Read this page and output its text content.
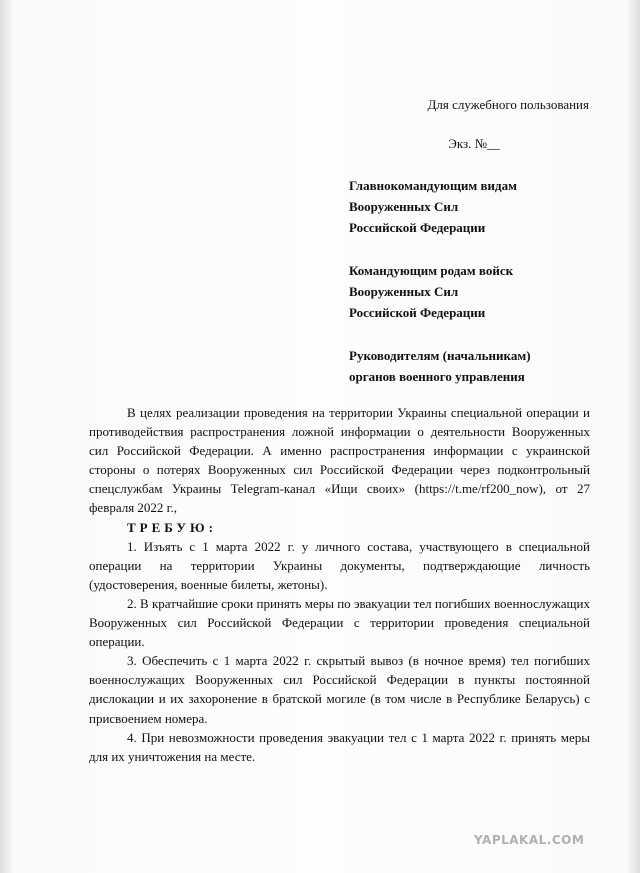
Для служебного пользования
Экз. №__
Главнокомандующим видам
Вооруженных Сил
Российской Федерации
Командующим родам войск
Вооруженных Сил
Российской Федерации
Руководителям (начальникам)
органов военного управления

В целях реализации проведения на территории Украины специальной операции и противодействия распространения ложной информации о деятельности Вооруженных сил Российской Федерации. А именно распространения информации с украинской стороны о потерях Вооруженных сил Российской Федерации через подконтрольный спецслужбам Украины Telegram-канал «Ищи своих» (https://t.me/rf200_now), от 27 февраля 2022 г.,

ТРЕБУЮ:

1. Изъять с 1 марта 2022 г. у личного состава, участвующего в специальной операции на территории Украины документы, подтверждающие личность (удостоверения, военные билеты, жетоны).

2. В кратчайшие сроки принять меры по эвакуации тел погибших военнослужащих Вооруженных сил Российской Федерации с территории проведения специальной операции.

3. Обеспечить с 1 марта 2022 г. скрытый вывоз (в ночное время) тел погибших военнослужащих Вооруженных сил Российской Федерации в пункты постоянной дислокации и их захоронение в братской могиле (в том числе в Республике Беларусь) с присвоением номера.

4. При невозможности проведения эвакуации тел с 1 марта 2022 г. принять меры для их уничтожения на месте.

YAPLAKAL.COM
